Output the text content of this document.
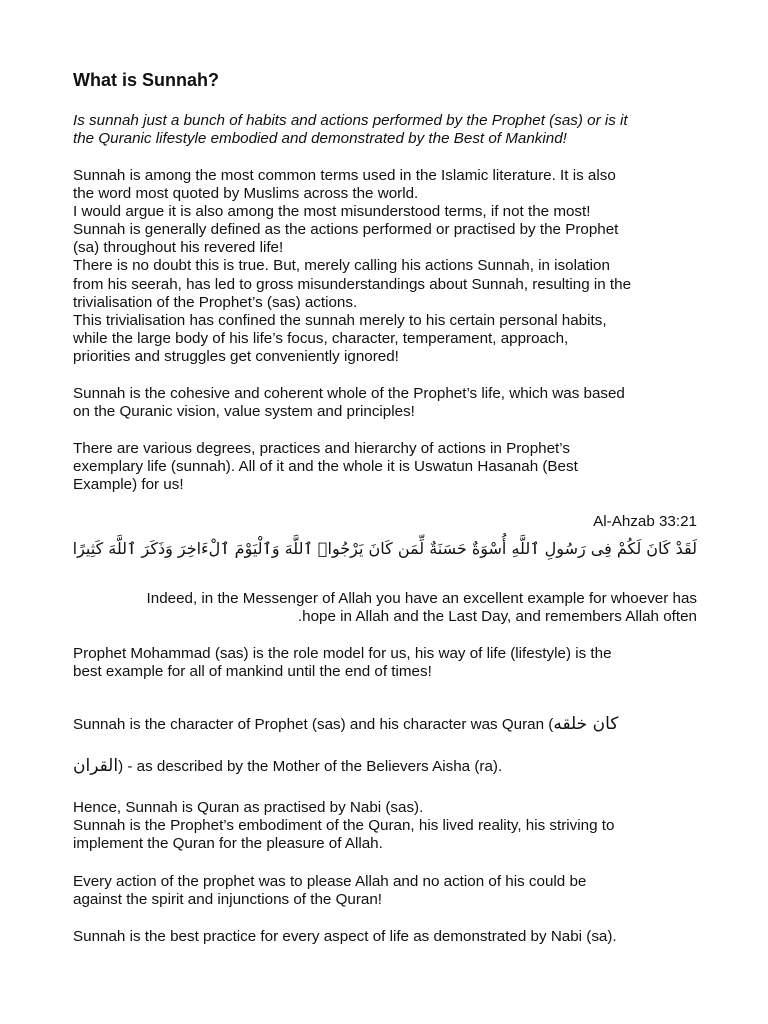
What is Sunnah?
Is sunnah just a bunch of habits and actions performed by the Prophet (sas) or is it
the Quranic lifestyle embodied and demonstrated by the Best of Mankind!
Sunnah is among the most common terms used in the Islamic literature. It is also
the word most quoted by Muslims across the world.
I would argue it is also among the most misunderstood terms, if not the most!
Sunnah is generally defined as the actions performed or practised by the Prophet
(sa) throughout his revered life!
There is no doubt this is true. But, merely calling his actions Sunnah, in isolation
from his seerah, has led to gross misunderstandings about Sunnah, resulting in the
trivialisation of the Prophet’s (sas) actions.
This trivialisation has confined the sunnah merely to his certain personal habits,
while the large body of his life’s focus, character, temperament, approach,
priorities and struggles get conveniently ignored!
Sunnah is the cohesive and coherent whole of the Prophet’s life, which was based
on the Quranic vision, value system and principles!
There are various degrees, practices and hierarchy of actions in Prophet’s
exemplary life (sunnah). All of it and the whole it is Uswatun Hasanah (Best
Example) for us!
Al-Ahzab 33:21
لَقَدْ كَانَ لَكُمْ فِى رَسُولِ ٱللَّهِ أُسْوَةٌ حَسَنَةٌ لِّمَن كَانَ يَرْجُوا۟ ٱللَّهَ وَٱلْيَوْمَ ٱلْءَاخِرَ وَذَكَرَ ٱللَّهَ كَثِيرًا
Indeed, in the Messenger of Allah you have an excellent example for whoever has
.hope in Allah and the Last Day, and remembers Allah often
Prophet Mohammad (sas) is the role model for us, his way of life (lifestyle) is the
best example for all of mankind until the end of times!
Sunnah is the character of Prophet (sas) and his character was Quran (كان خلقه
القران) - as described by the Mother of the Believers Aisha (ra).
Hence, Sunnah is Quran as practised by Nabi (sas).
Sunnah is the Prophet’s embodiment of the Quran, his lived reality, his striving to
implement the Quran for the pleasure of Allah.
Every action of the prophet was to please Allah and no action of his could be
against the spirit and injunctions of the Quran!
Sunnah is the best practice for every aspect of life as demonstrated by Nabi (sa).
